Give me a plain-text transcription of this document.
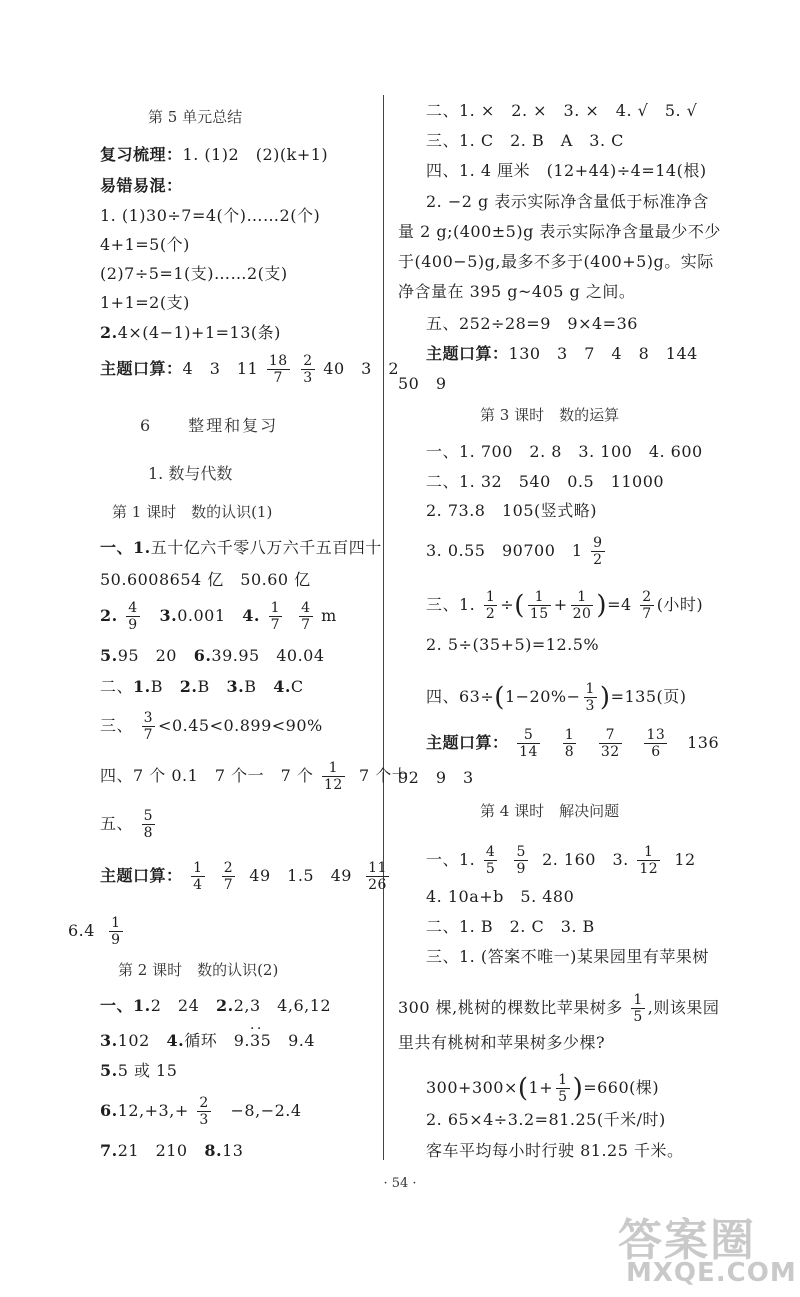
第 5 单元总结
复习梳理：1. (1)2　(2)(k+1)
易错易混：
1. (1)30÷7=4(个)……2(个)
4+1=5(个)
(2)7÷5=1(支)……2(支)
1+1=2(支)
2.4×(4−1)+1=13(条)
主题口算：4　3　$11 \frac{18}{7}$
$\frac{2}{3} 40$　3　2
6　　整理和复习
1. 数与代数
第 1 课时　数的认识(1)
一、1.五十亿六千零八万六千五百四十
50.6008654 亿　50.60 亿
2. $\frac{4}{9} 3.0.001$ 4. $\frac{1}{7}$
$\frac{4}{7}$ m
5.95　20 6.39.95　40.04
二、1.B 2.B 3.B 4.C
三、 $\frac{3}{7} <0.45<0.899<90\%$
四、7 个 0.1　7 个一　7 个 $\frac{1}{12} 7$ 个十
五、 $\frac{5}{8}$
主题口算： $\frac{1}{4}$
$\frac{2}{7} 49$　1.5　$49 \frac{11}{26}$
$6.4 \frac{1}{9}$
第 2 课时　数的认识(2)
一、1.2　24 2.2,3　4,6,12
3.102 4.循环　9.· · 35 9.4
5.5 或 15
$6.12,+3,+ \frac{2}{3} -8,-2.4$
7.21　210 8.13
二、1. ×　2. ×　3. ×　4. √　5. √
三、1. C　2. B　A　3. C
四、1. 4 厘米　(12+44)÷4=14(根)
2. −2 g 表示实际净含量低于标准净含
量 2 g;(400±5)g 表示实际净含量最少不少
于(400−5)g,最多不多于(400+5)g。实际
净含量在 395 g~405 g 之间。
五、252÷28=9　9×4=36
主题口算：130　3　7　4　8　144
50　9
第 3 课时　数的运算
一、1. 700　2. 8　3. 100　4. 600
二、1. 32　540　0.5　11000
2. 73.8　105(竖式略)
3. 0.55　90700　$1 \frac{9}{2}$
三、1. $\frac{1}{2}$ ÷( $\frac{1}{15} + \frac{1}{20} )=4 \frac{2}{7}$ (小时)
2. 5÷(35+5)=12.5%
四、$63\div(1-20\%- \frac{1}{3} )=135$(页)
主题口算： $\frac{5}{14}$
$\frac{1}{8}$
$\frac{7}{32}$
$\frac{13}{6} 136$
92　9　3
第 4 课时　解决问题
一、1. $\frac{4}{5}$
$\frac{5}{9} 2$. 160　3. $\frac{1}{12} 12$
4. 10a+b　5. 480
二、1. B　2. C　3. B
三、1. (答案不唯一)某果园里有苹果树
300 棵,桃树的棵数比苹果树多 $\frac{1}{5}$ ,则该果园
里共有桃树和苹果树多少棵?
$300+300\times(1+ \frac{1}{5} )=660$(棵)
2. 65×4÷3.2=81.25(千米/时)
客车平均每小时行驶 81.25 千米。
· 54 ·
答案圈
MXQE.COM
